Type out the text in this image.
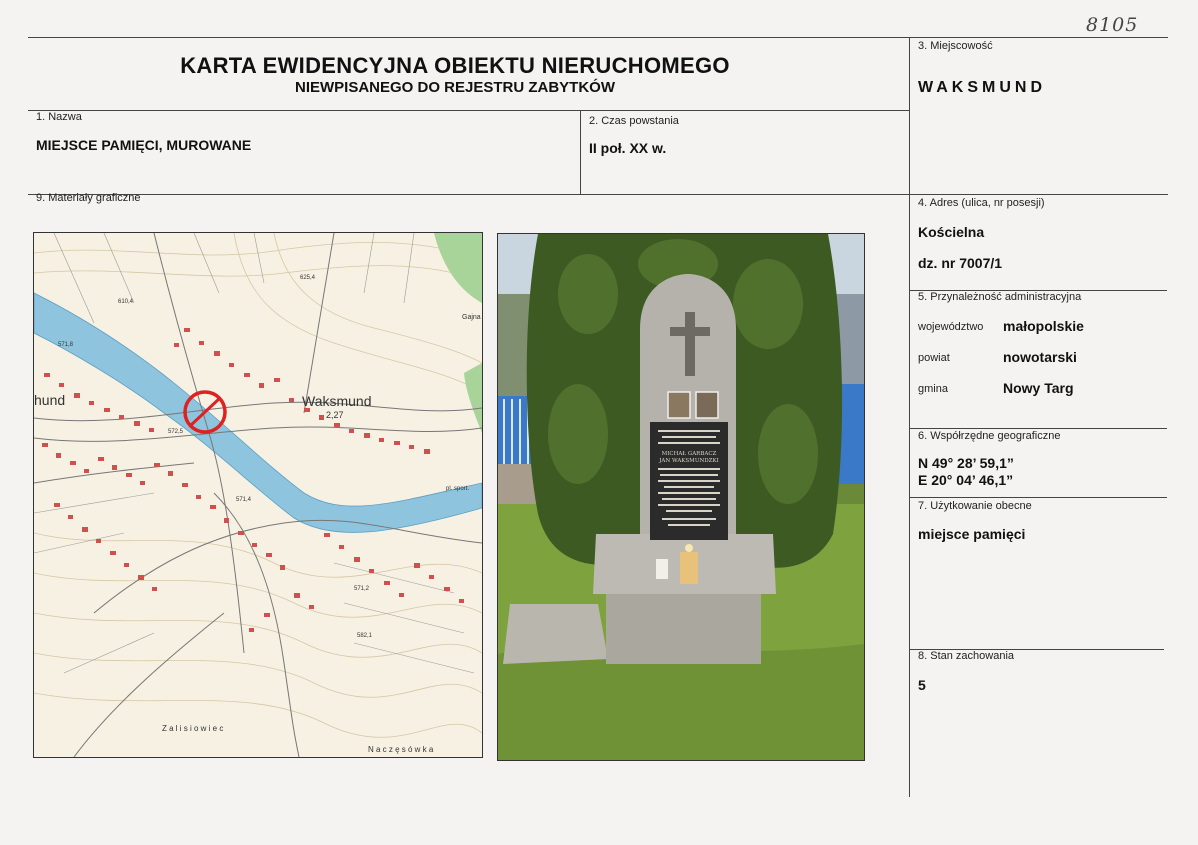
8105
KARTA EWIDENCYJNA OBIEKTU NIERUCHOMEGO
NIEWPISANEGO DO REJESTRU ZABYTKÓW
3. Miejscowość
WAKSMUND
1. Nazwa
MIEJSCE PAMIĘCI, MUROWANE
2. Czas powstania
II poł. XX w.
9. Materiały graficzne	4. Adres (ulica, nr posesji)
Kościelna
dz. nr 7007/1
5. Przynależność administracyjna
województwo małopolskie
powiat	nowotarski
gmina	Nowy Targ
6. Współrzędne geograficzne
N 49° 28’ 59,1”
E 20° 04’ 46,1”
7. Użytkowanie obecne
miejsce pamięci
8. Stan zachowania
5
Waksmund
2,27
hund
Gajna
pl. sport.
Z a l i s i o w i e c
N a c z ę s ó w k a
625,4
610,4
571,8
572,5
571,4
571,2
582,1
MICHAŁ GARBACZ
JAN WAKSMUNDZKI
